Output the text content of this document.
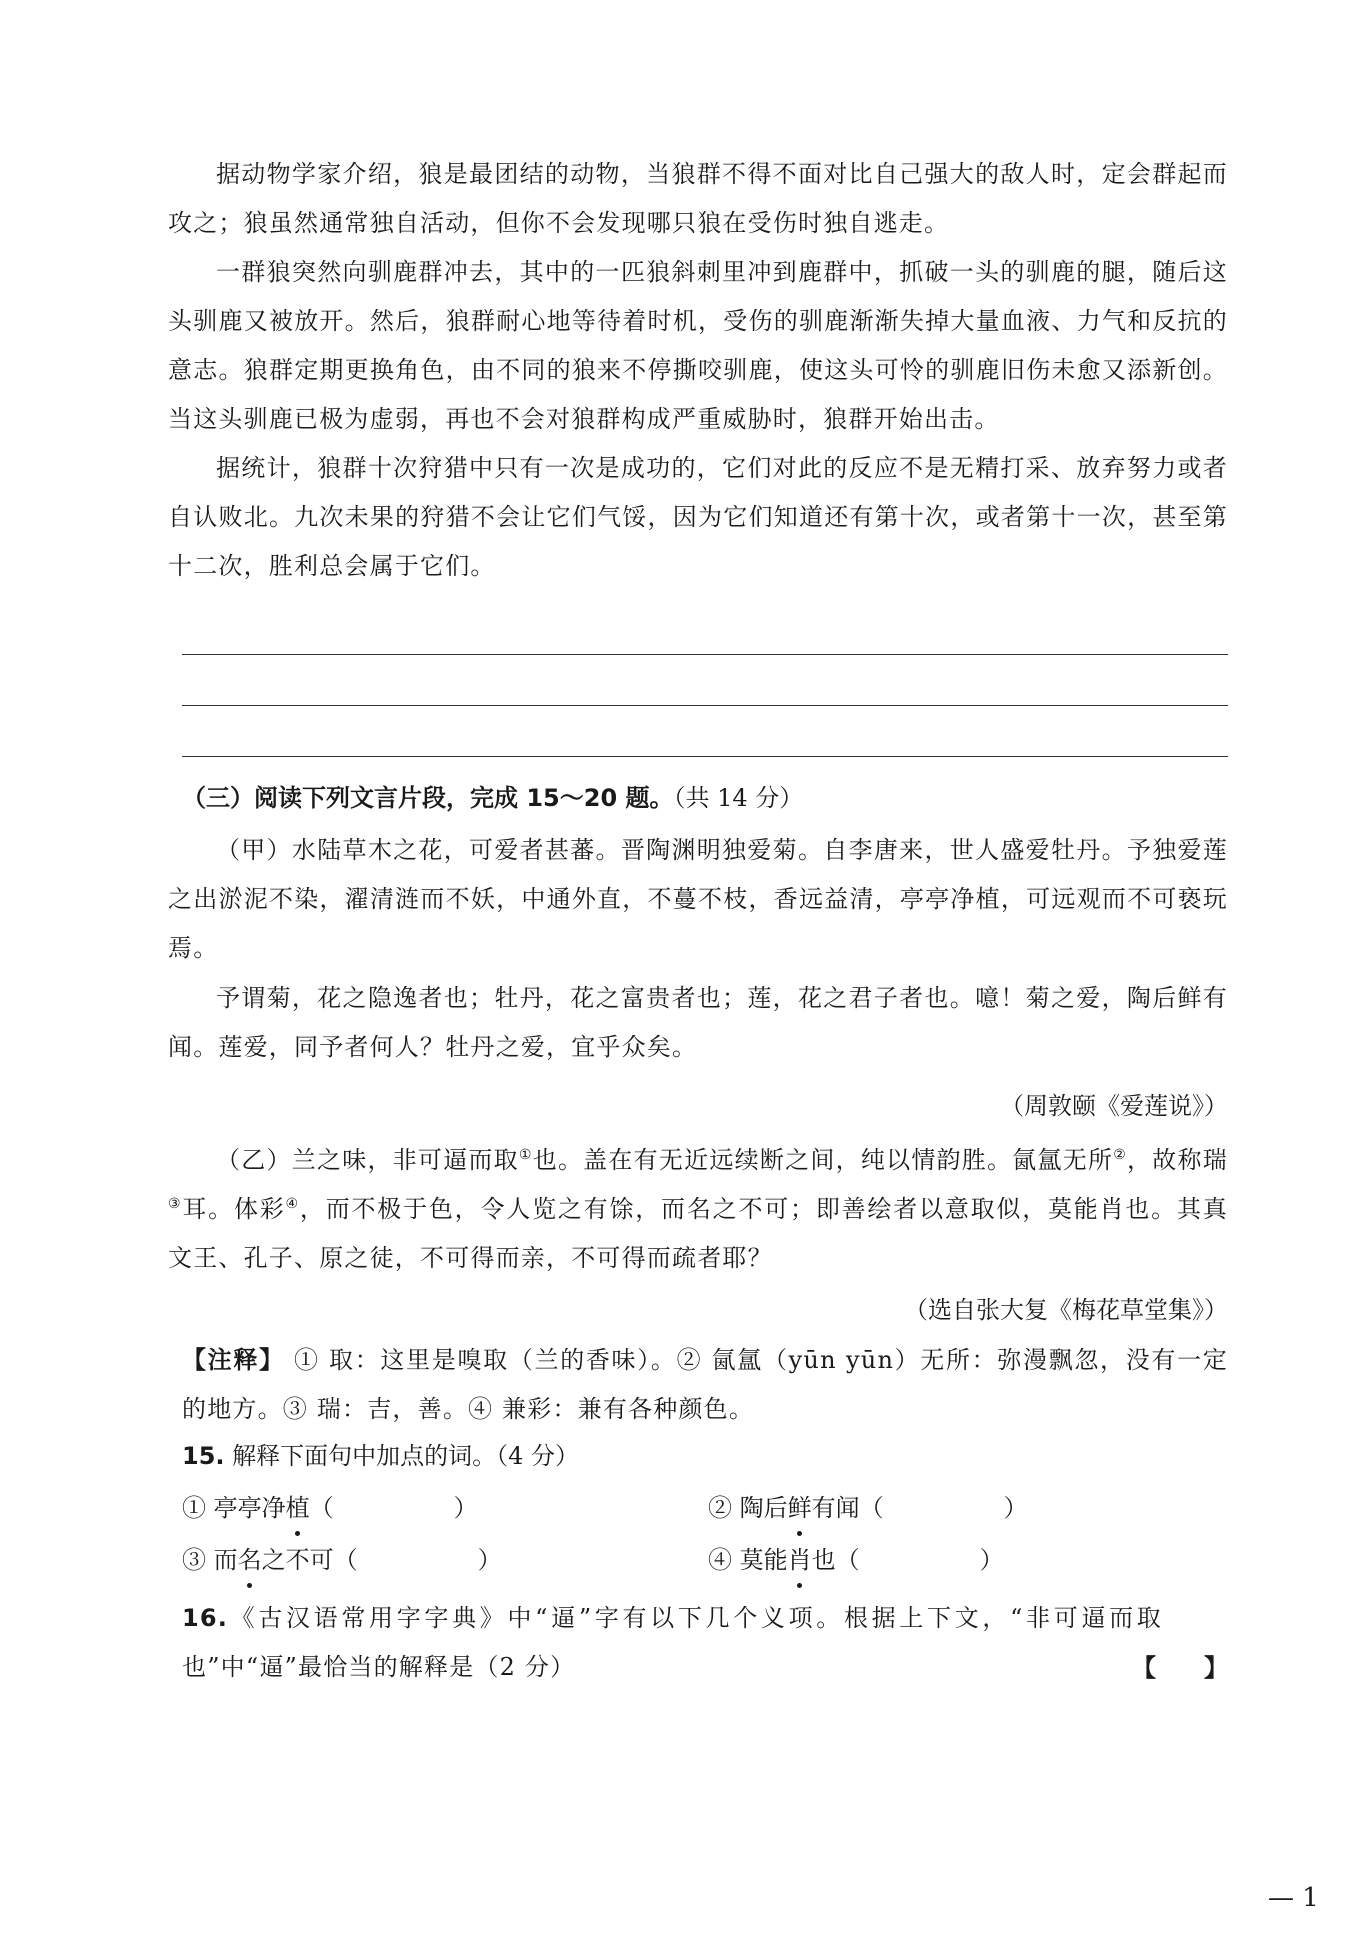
据动物学家介绍，狼是最团结的动物，当狼群不得不面对比自己强大的敌人时，定会群起而攻之；狼虽然通常独自活动，但你不会发现哪只狼在受伤时独自逃走。

一群狼突然向驯鹿群冲去，其中的一匹狼斜刺里冲到鹿群中，抓破一头的驯鹿的腿，随后这头驯鹿又被放开。然后，狼群耐心地等待着时机，受伤的驯鹿渐渐失掉大量血液、力气和反抗的意志。狼群定期更换角色，由不同的狼来不停撕咬驯鹿，使这头可怜的驯鹿旧伤未愈又添新创。当这头驯鹿已极为虚弱，再也不会对狼群构成严重威胁时，狼群开始出击。

据统计，狼群十次狩猎中只有一次是成功的，它们对此的反应不是无精打采、放弃努力或者自认败北。九次未果的狩猎不会让它们气馁，因为它们知道还有第十次，或者第十一次，甚至第十二次，胜利总会属于它们。

（三）阅读下列文言片段，完成 15～20 题。（共 14 分）

（甲）水陆草木之花，可爱者甚蕃。晋陶渊明独爱菊。自李唐来，世人盛爱牡丹。予独爱莲之出淤泥不染，濯清涟而不妖，中通外直，不蔓不枝，香远益清，亭亭净植，可远观而不可亵玩焉。

予谓菊，花之隐逸者也；牡丹，花之富贵者也；莲，花之君子者也。噫！菊之爱，陶后鲜有闻。莲爱，同予者何人？牡丹之爱，宜乎众矣。

（周敦颐《爱莲说》）

（乙）兰之味，非可逼而取①也。盖在有无近远续断之间，纯以情韵胜。氤氲无所②，故称瑞③耳。体彩④，而不极于色，令人览之有馀，而名之不可；即善绘者以意取似，莫能肖也。其真文王、孔子、原之徒，不可得而亲，不可得而疏者耶？

（选自张大复《梅花草堂集》）

【注释】 ① 取：这里是嗅取（兰的香味）。② 氤氲（yūn yūn）无所：弥漫飘忽，没有一定的地方。③ 瑞：吉，善。④ 兼彩：兼有各种颜色。

15. 解释下面句中加点的词。（4 分）

① 亭亭净植（　　　　　）	② 陶后鲜有闻（　　　　　）
③ 而名之不可（　　　　　）	④ 莫能肖也（　　　　　）

16.《古汉语常用字字典》中“逼”字有以下几个义项。根据上下文，“非可逼而取也”中“逼”最恰当的解释是（2 分）	【　　】
— 1
